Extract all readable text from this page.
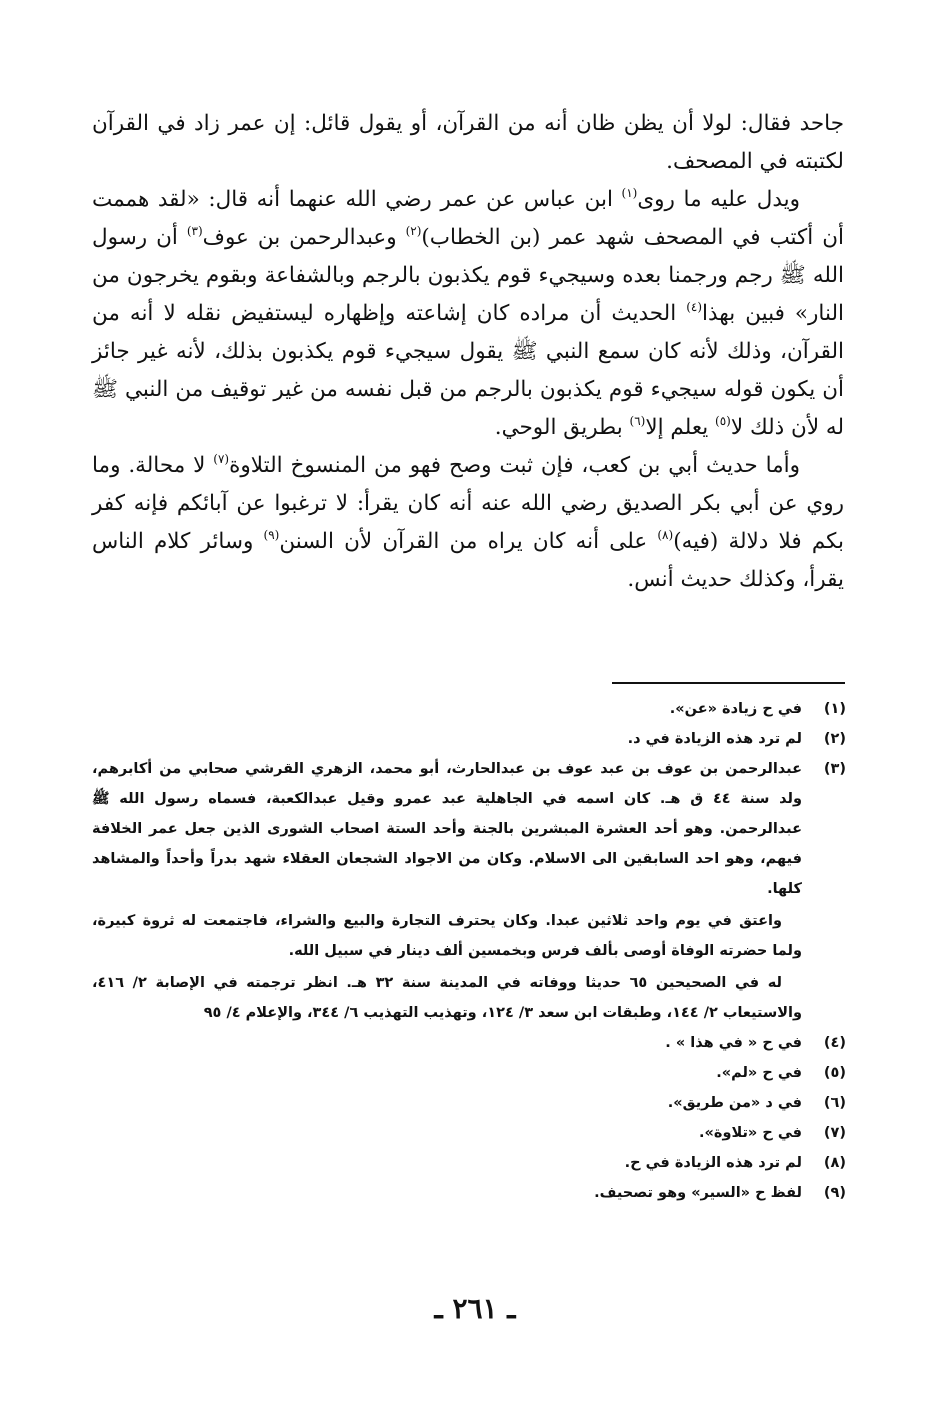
جاحد فقال: لولا أن يظن ظان أنه من القرآن، أو يقول قائل: إن عمر زاد في القرآن لكتبته في المصحف.

ويدل عليه ما روى$^{(١)}$ ابن عباس عن عمر رضي الله عنهما أنه قال: «لقد هممت أن أكتب في المصحف شهد عمر (بن الخطاب)$^{(٢)}$ وعبدالرحمن بن عوف$^{(٣)}$ أن رسول الله ﷺ رجم ورجمنا بعده وسيجيء قوم يكذبون بالرجم وبالشفاعة وبقوم يخرجون من النار» فبين بهذا$^{(٤)}$ الحديث أن مراده كان إشاعته وإظهاره ليستفيض نقله لا أنه من القرآن، وذلك لأنه كان سمع النبي ﷺ يقول سيجيء قوم يكذبون بذلك، لأنه غير جائز أن يكون قوله سيجيء قوم يكذبون بالرجم من قبل نفسه من غير توقيف من النبي ﷺ له لأن ذلك لا$^{(٥)}$ يعلم إلا$^{(٦)}$ بطريق الوحي.

وأما حديث أبي بن كعب، فإن ثبت وصح فهو من المنسوخ التلاوة$^{(٧)}$ لا محالة. وما روي عن أبي بكر الصديق رضي الله عنه أنه كان يقرأ: لا ترغبوا عن آبائكم فإنه كفر بكم فلا دلالة (فيه)$^{(٨)}$ على أنه كان يراه من القرآن لأن السنن$^{(٩)}$ وسائر كلام الناس يقرأ، وكذلك حديث أنس.

(١)
في ح زيادة «عن».

(٢)
لم ترد هذه الزيادة في د.

(٣)
عبدالرحمن بن عوف بن عبد عوف بن عبدالحارث، أبو محمد، الزهري القرشي صحابي من أكابرهم، ولد سنة ٤٤ ق هـ. كان اسمه في الجاهلية عبد عمرو وقيل عبدالكعبة، فسماه رسول الله ﷺ عبدالرحمن. وهو أحد العشرة المبشرين بالجنة وأحد الستة اصحاب الشورى الذين جعل عمر الخلافة فيهم، وهو احد السابقين الى الاسلام. وكان من الاجواد الشجعان العقلاء شهد بدراً وأحداً والمشاهد كلها.

واعتق في يوم واحد ثلاثين عبدا. وكان يحترف التجارة والبيع والشراء، فاجتمعت له ثروة كبيرة، ولما حضرته الوفاة أوصى بألف فرس وبخمسين ألف دينار في سبيل الله.

له في الصحيحين ٦٥ حديثا ووفاته في المدينة سنة ٣٢ هـ. انظر ترجمته في الإصابة ٢/ ٤١٦، والاستيعاب ٢/ ١٤٤، وطبقات ابن سعد ٣/ ١٢٤، وتهذيب التهذيب ٦/ ٣٤٤، والإعلام ٤/ ٩٥

(٤)
في ح « في هذا » .

(٥)
في ح «لم».

(٦)
في د «من طريق».

(٧)
في ح «تلاوة».

(٨)
لم ترد هذه الزيادة في ح.

(٩)
لفظ ح «السير» وهو تصحيف.

ـ ٢٦١ ـ
